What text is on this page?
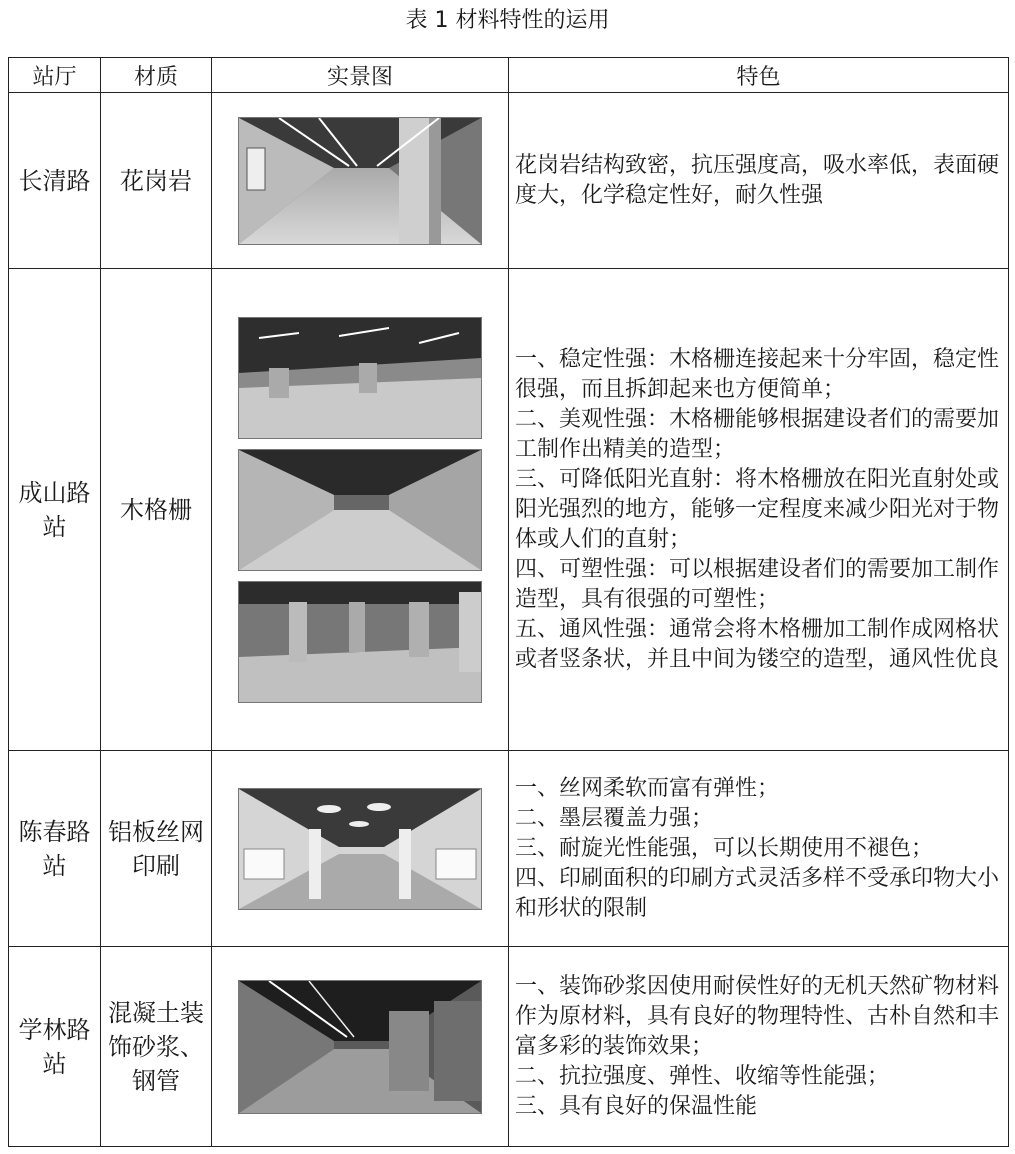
表 1 材料特性的运用
站厅	材质	实景图	特色
长清路	花岗岩		花岗岩结构致密，抗压强度高，吸水率低，表面硬度大，化学稳定性好，耐久性强

成山路站	木格栅		一、稳定性强：木格栅连接起来十分牢固，稳定性很强，而且拆卸起来也方便简单；
二、美观性强：木格栅能够根据建设者们的需要加工制作出精美的造型；
三、可降低阳光直射：将木格栅放在阳光直射处或阳光强烈的地方，能够一定程度来减少阳光对于物体或人们的直射；
四、可塑性强：可以根据建设者们的需要加工制作造型，具有很强的可塑性；
五、通风性强：通常会将木格栅加工制作成网格状或者竖条状，并且中间为镂空的造型，通风性优良

陈春路站	铝板丝网印刷		一、丝网柔软而富有弹性；
二、墨层覆盖力强；
三、耐旋光性能强，可以长期使用不褪色；
四、印刷面积的印刷方式灵活多样不受承印物大小和形状的限制

学林路站	混凝土装饰砂浆、钢管		一、装饰砂浆因使用耐侯性好的无机天然矿物材料作为原材料，具有良好的物理特性、古朴自然和丰富多彩的装饰效果；
二、抗拉强度、弹性、收缩等性能强；
三、具有良好的保温性能
